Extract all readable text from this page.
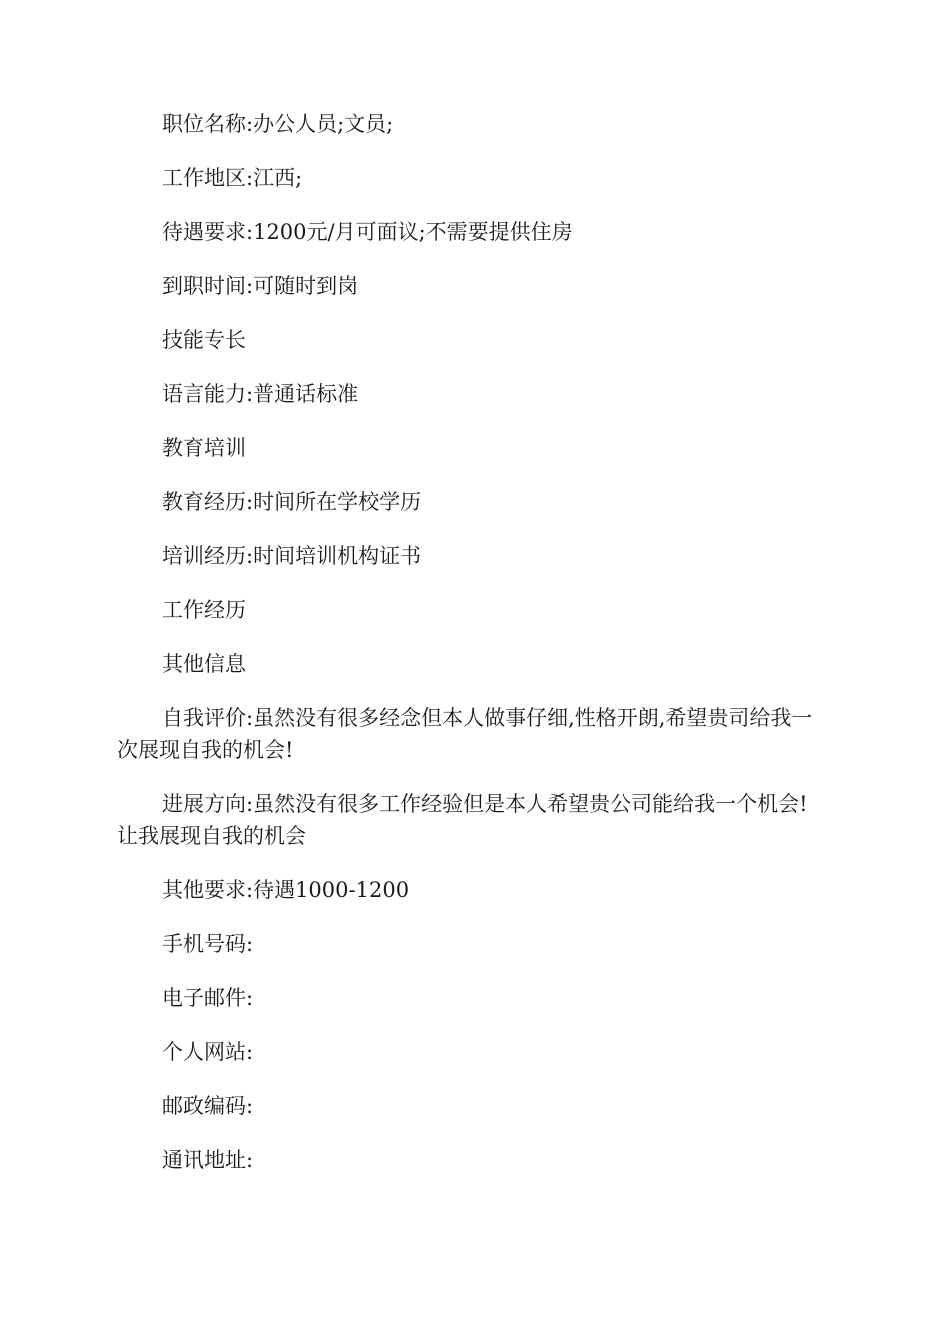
职位名称:办公人员;文员;

工作地区:江西;

待遇要求:1200元/月可面议;不需要提供住房

到职时间:可随时到岗

技能专长

语言能力:普通话标准

教育培训

教育经历:时间所在学校学历

培训经历:时间培训机构证书

工作经历

其他信息

自我评价:虽然没有很多经念但本人做事仔细,性格开朗,希望贵司给我一次展现自我的机会!

进展方向:虽然没有很多工作经验但是本人希望贵公司能给我一个机会!让我展现自我的机会

其他要求:待遇1000-1200

手机号码:

电子邮件:

个人网站:

邮政编码:

通讯地址:
